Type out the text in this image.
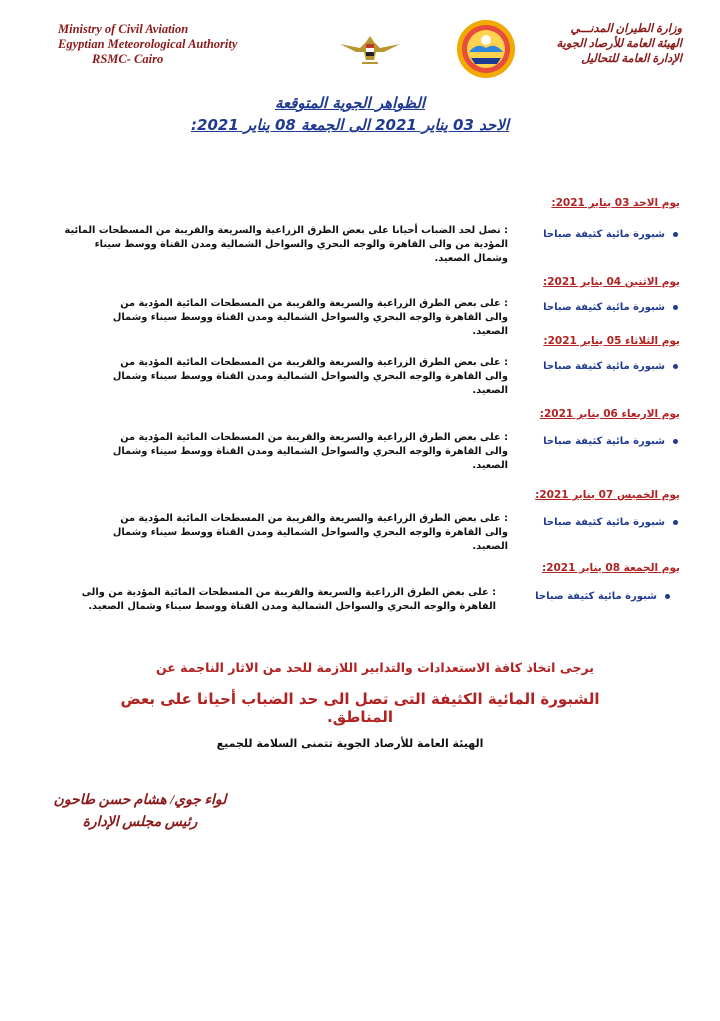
Ministry of Civil Aviation
Egyptian Meteorological Authority
RSMC- Cairo
وزارة الطيران المدنـــي
الهيئة العامة للأرصاد الجوية
الإدارة العامة للتحاليل
الظواهر الجوية المتوقعة
الاحد 03 يناير 2021 الى الجمعة 08 يناير 2021:
يوم الاحد 03 يناير 2021:
شبورة مائية كثيفة صباحا
: تصل لحد الضباب أحيانا على بعض الطرق الزراعية والسريعة والقريبة من المسطحات المائية المؤدية من والى القاهرة والوجه البحري والسواحل الشمالية ومدن القناة ووسط سيناء وشمال الصعيد.
يوم الاثنين 04 يناير 2021:
شبورة مائية كثيفة صباحا
: على بعض الطرق الزراعية والسريعة والقريبة من المسطحات المائية المؤدية من والى القاهرة والوجه البحري والسواحل الشمالية ومدن القناة ووسط سيناء وشمال الصعيد.
يوم الثلاثاء 05 يناير 2021:
شبورة مائية كثيفة صباحا
: على بعض الطرق الزراعية والسريعة والقريبة من المسطحات المائية المؤدية من والى القاهرة والوجه البحري والسواحل الشمالية ومدن القناة ووسط سيناء وشمال الصعيد.
يوم الاربعاء 06 يناير 2021:
شبورة مائية كثيفة صباحا
: على بعض الطرق الزراعية والسريعة والقريبة من المسطحات المائية المؤدية من والى القاهرة والوجه البحري والسواحل الشمالية ومدن القناة ووسط سيناء وشمال الصعيد.
يوم الخميس 07 يناير 2021:
شبورة مائية كثيفة صباحا
: على بعض الطرق الزراعية والسريعة والقريبة من المسطحات المائية المؤدية من والى القاهرة والوجه البحري والسواحل الشمالية ومدن القناة ووسط سيناء وشمال الصعيد.
يوم الجمعة 08 يناير 2021:
شبورة مائية كثيفة صباحا
: على بعض الطرق الزراعية والسريعة والقريبة من المسطحات المائية المؤدية من والى القاهرة والوجه البحري والسواحل الشمالية ومدن القناة ووسط سيناء وشمال الصعيد.
يرجى اتخاذ كافة الاستعدادات والتدابير اللازمة للحد من الاثار الناجمة عن
الشبورة المائية الكثيفة التى تصل الى حد الضباب أحيانا على بعض المناطق.
الهيئة العامة للأرصاد الجوية تتمنى السلامة للجميع
لواء جوي/ هشام حسن طاحون
رئيس مجلس الإدارة
